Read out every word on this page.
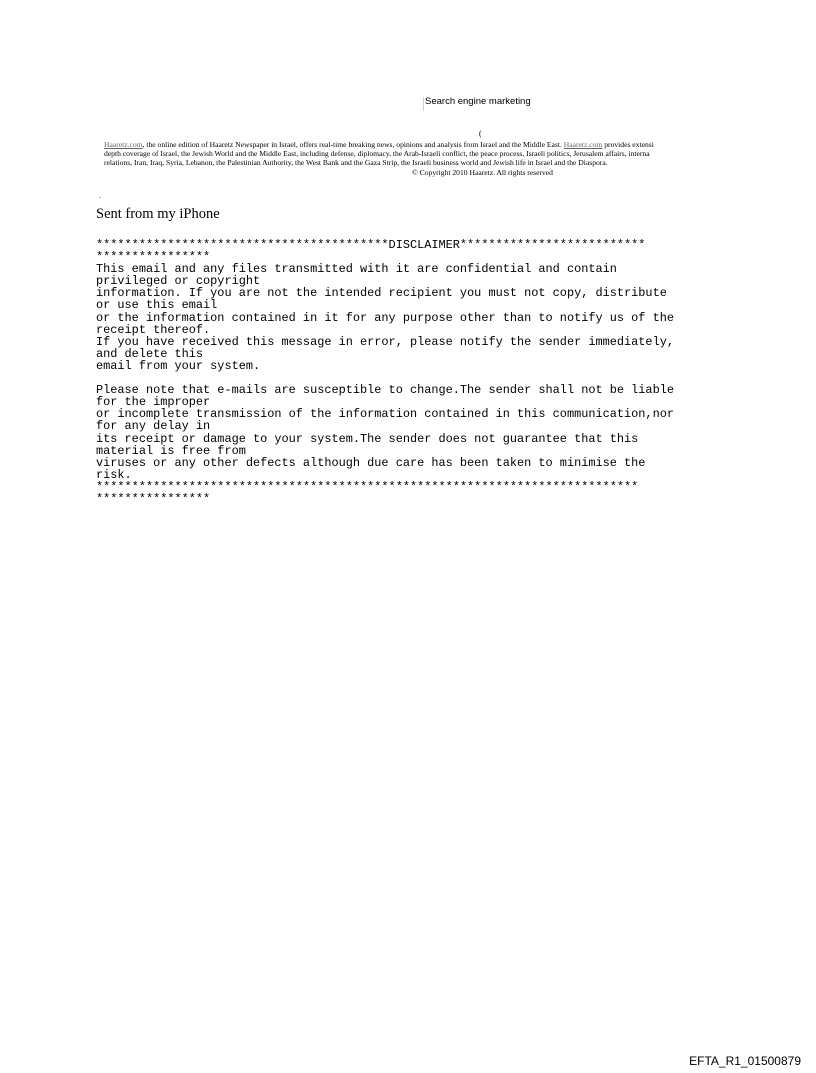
Search engine marketing
(
Haaretz.com, the online edition of Haaretz Newspaper in Israel, offers real-time breaking news, opinions and analysis from Israel and the Middle East. Haaretz.com provides extensi
depth coverage of Israel, the Jewish World and the Middle East, including defense, diplomacy, the Arab-Israeli conflict, the peace process, Israeli politics, Jerusalem affairs, interna
relations, Iran, Iraq, Syria, Lebanon, the Palestinian Authority, the West Bank and the Gaza Strip, the Israeli business world and Jewish life in Israel and the Diaspora.
© Copyright 2010 Haaretz. All rights reserved
.
Sent from my iPhone
*****************************************DISCLAIMER**************************
****************
This email and any files transmitted with it are confidential and contain
privileged or copyright
information. If you are not the intended recipient you must not copy, distribute
or use this email
or the information contained in it for any purpose other than to notify us of the
receipt thereof.
If you have received this message in error, please notify the sender immediately,
and delete this
email from your system.

Please note that e-mails are susceptible to change.The sender shall not be liable
for the improper
or incomplete transmission of the information contained in this communication,nor
for any delay in
its receipt or damage to your system.The sender does not guarantee that this
material is free from
viruses or any other defects although due care has been taken to minimise the
risk.
****************************************************************************
****************
EFTA_R1_01500879
